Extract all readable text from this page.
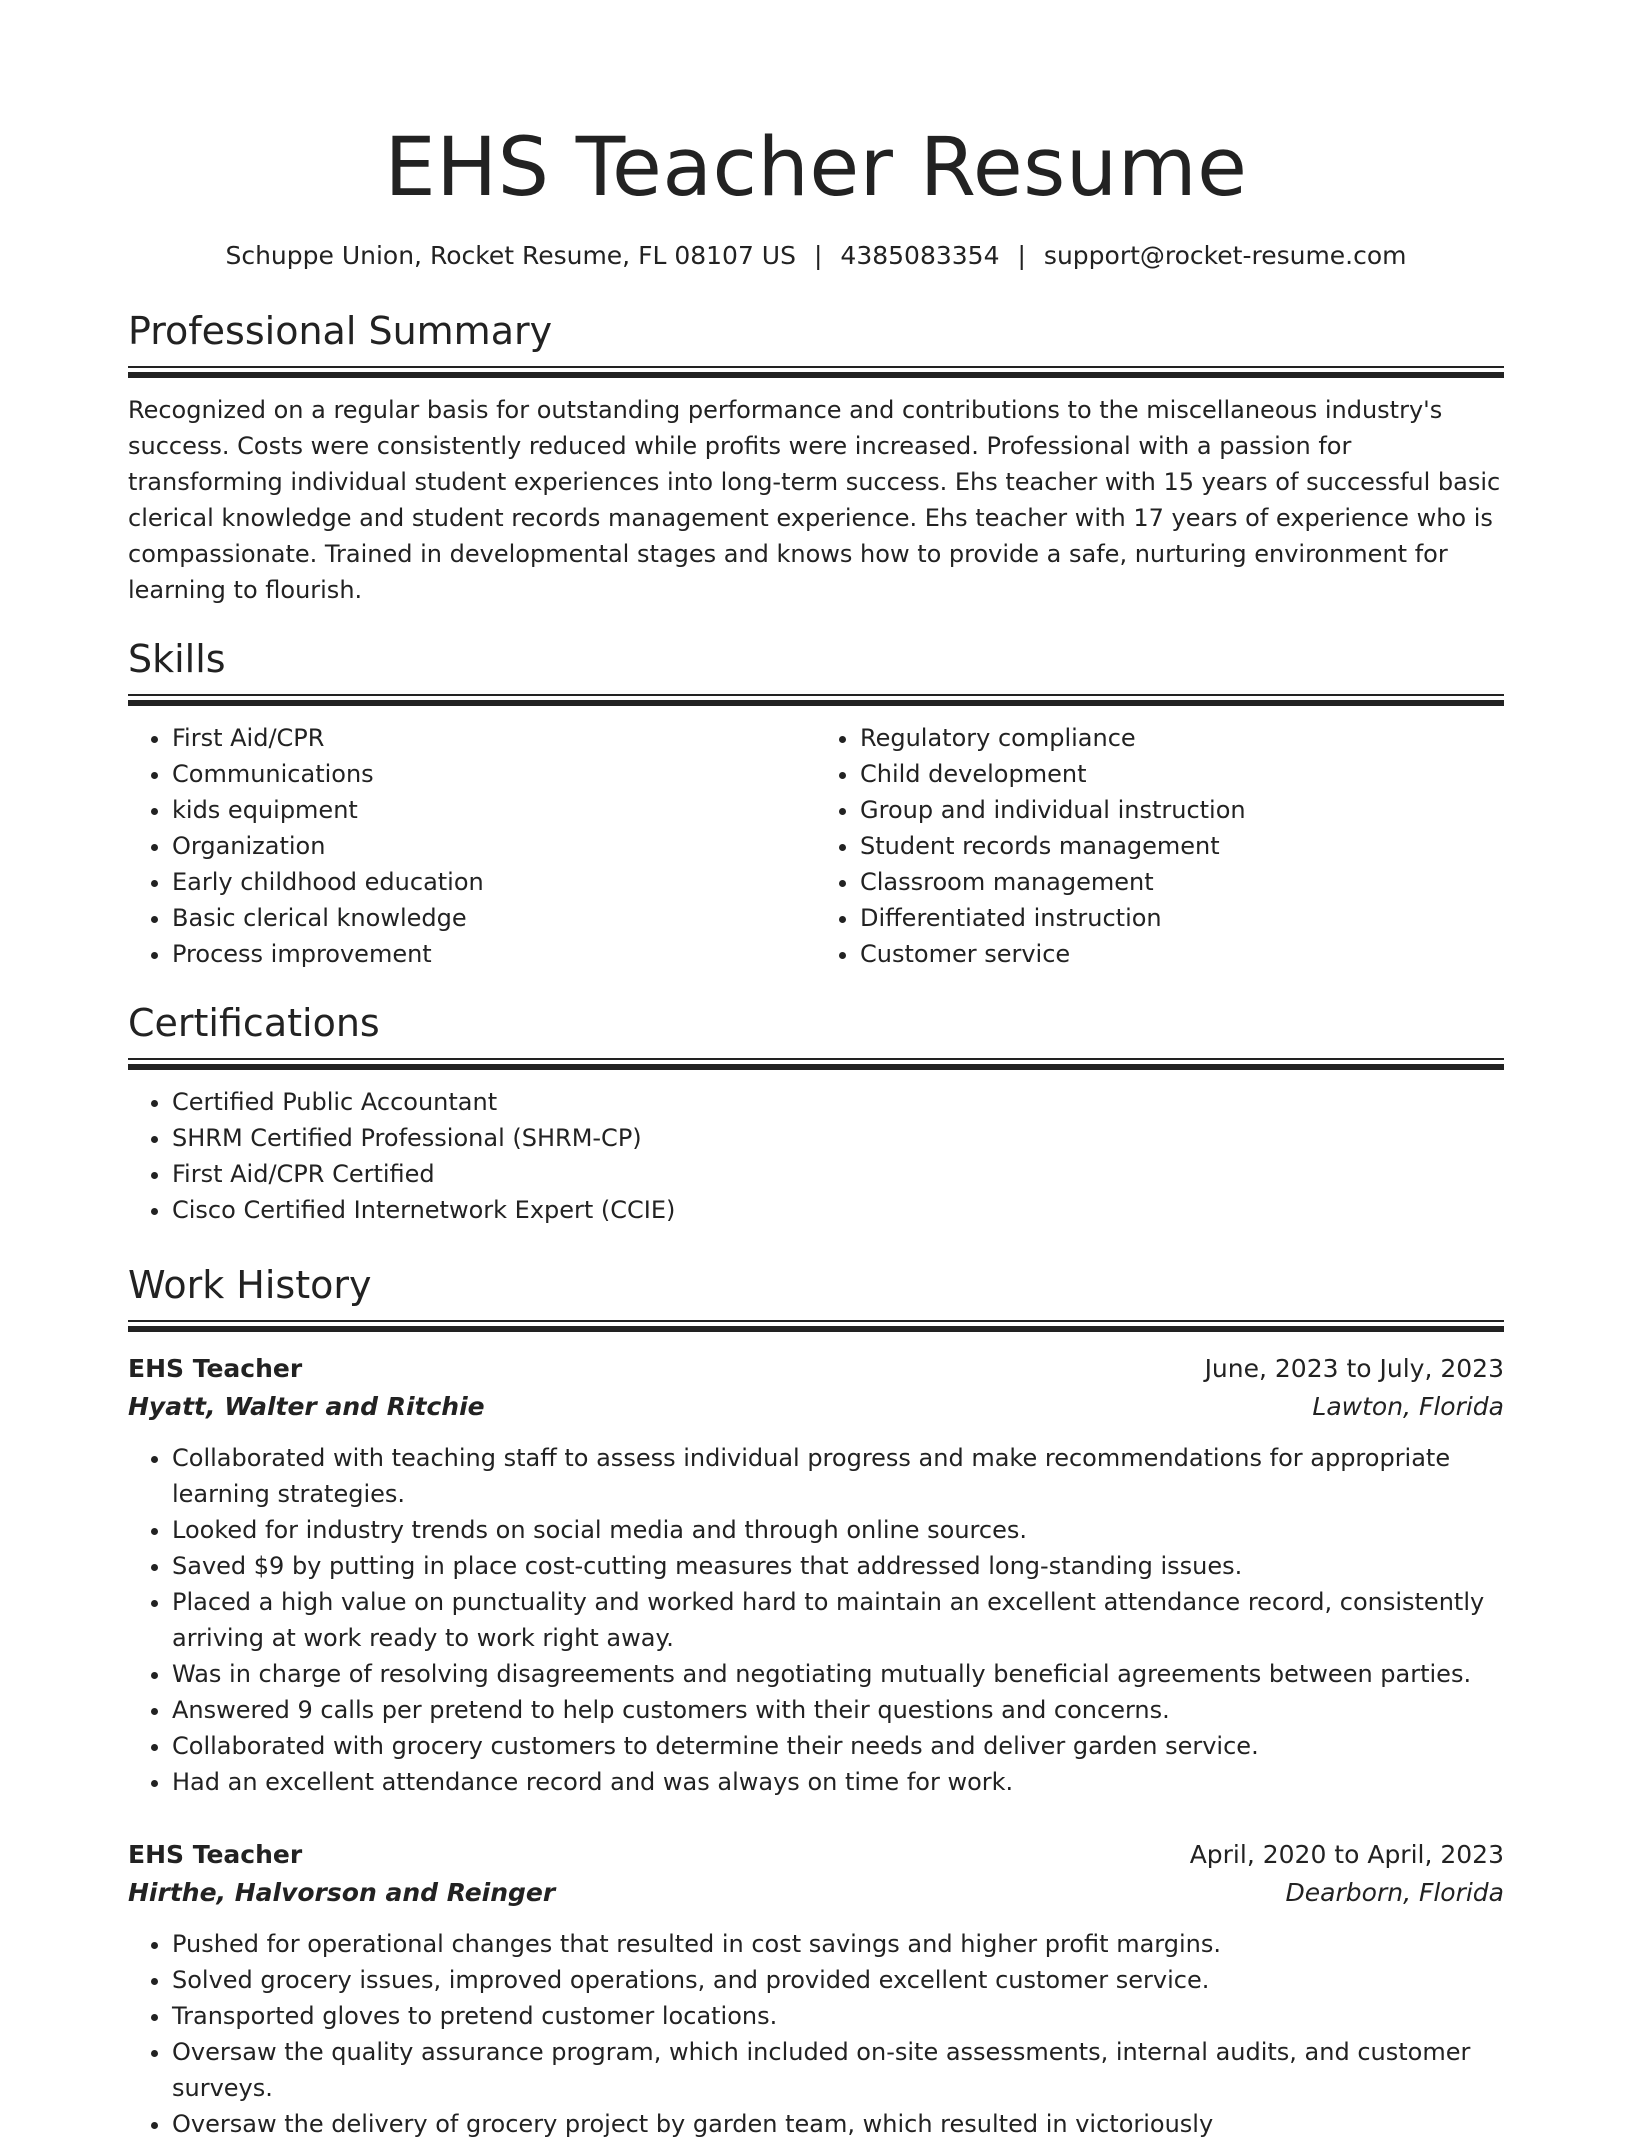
EHS Teacher Resume
Schuppe Union, Rocket Resume, FL 08107 US | 4385083354 | support@rocket-resume.com
Professional Summary

Recognized on a regular basis for outstanding performance and contributions to the miscellaneous industry's success. Costs were consistently reduced while profits were increased. Professional with a passion for transforming individual student experiences into long-term success. Ehs teacher with 15 years of successful basic clerical knowledge and student records management experience. Ehs teacher with 17 years of experience who is compassionate. Trained in developmental stages and knows how to provide a safe, nurturing environment for learning to flourish.

Skills
• First Aid/CPR
• Communications
• kids equipment
• Organization
• Early childhood education
• Basic clerical knowledge
• Process improvement
• Regulatory compliance
• Child development
• Group and individual instruction
• Student records management
• Classroom management
• Differentiated instruction
• Customer service
Certifications
• Certified Public Accountant
• SHRM Certified Professional (SHRM-CP)
• First Aid/CPR Certified
• Cisco Certified Internetwork Expert (CCIE)
Work History
EHS Teacher	June, 2023 to July, 2023
Hyatt, Walter and Ritchie	Lawton, Florida
• Collaborated with teaching staff to assess individual progress and make recommendations for appropriate learning strategies.
• Looked for industry trends on social media and through online sources.
• Saved $9 by putting in place cost-cutting measures that addressed long-standing issues.
• Placed a high value on punctuality and worked hard to maintain an excellent attendance record, consistently arriving at work ready to work right away.
• Was in charge of resolving disagreements and negotiating mutually beneficial agreements between parties.
• Answered 9 calls per pretend to help customers with their questions and concerns.
• Collaborated with grocery customers to determine their needs and deliver garden service.
• Had an excellent attendance record and was always on time for work.
EHS Teacher	April, 2020 to April, 2023
Hirthe, Halvorson and Reinger	Dearborn, Florida
• Pushed for operational changes that resulted in cost savings and higher profit margins.
• Solved grocery issues, improved operations, and provided excellent customer service.
• Transported gloves to pretend customer locations.
• Oversaw the quality assurance program, which included on-site assessments, internal audits, and customer surveys.
• Oversaw the delivery of grocery project by garden team, which resulted in victoriously
